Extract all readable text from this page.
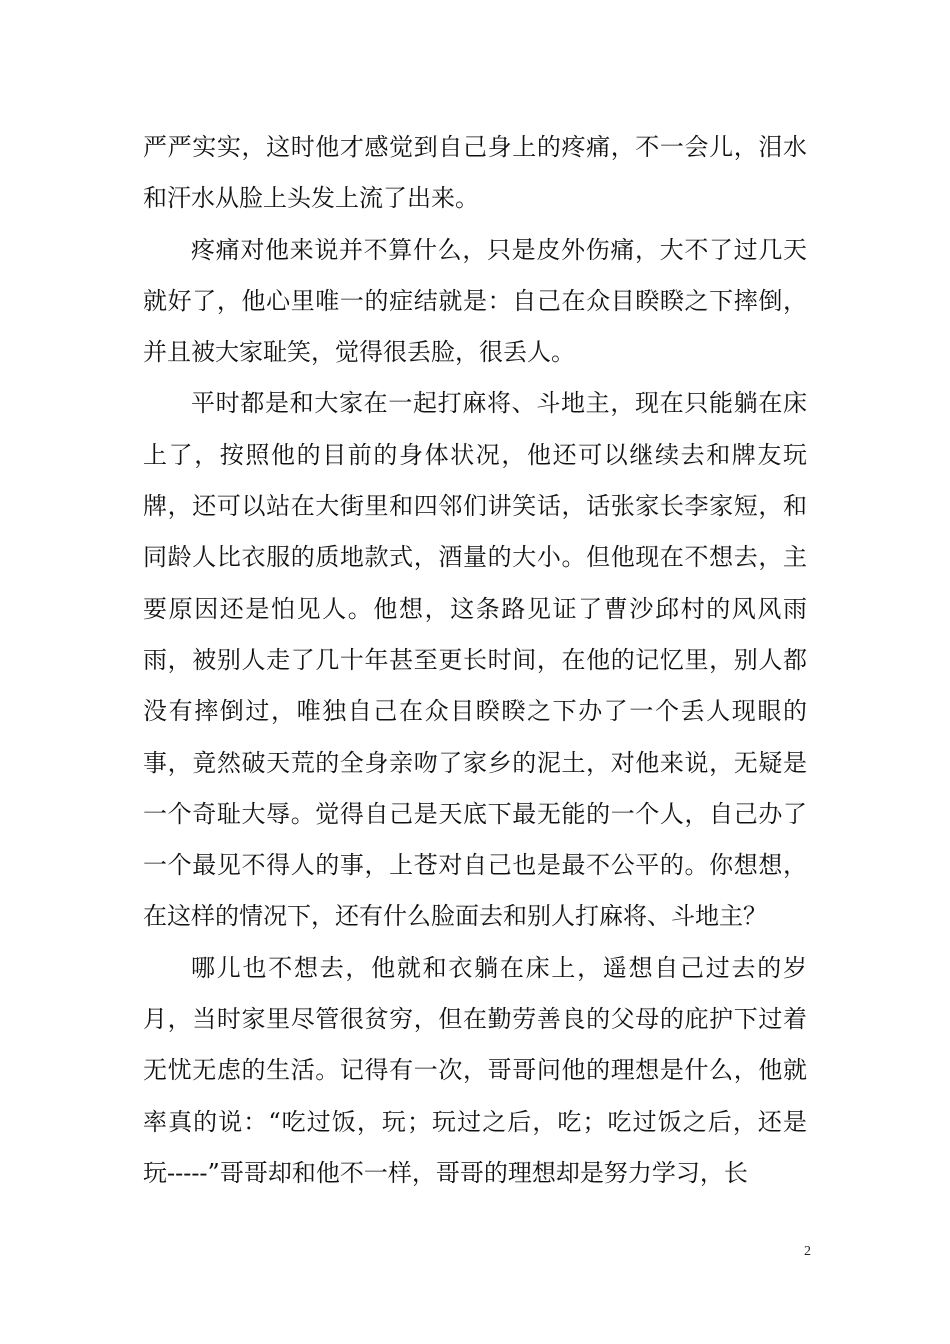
严严实实，这时他才感觉到自己身上的疼痛，不一会儿，泪水和汗水从脸上头发上流了出来。

疼痛对他来说并不算什么，只是皮外伤痛，大不了过几天就好了，他心里唯一的症结就是：自己在众目睽睽之下摔倒，并且被大家耻笑，觉得很丢脸，很丢人。

平时都是和大家在一起打麻将、斗地主，现在只能躺在床上了，按照他的目前的身体状况，他还可以继续去和牌友玩牌，还可以站在大街里和四邻们讲笑话，话张家长李家短，和同龄人比衣服的质地款式，酒量的大小。但他现在不想去，主要原因还是怕见人。他想，这条路见证了曹沙邱村的风风雨雨，被别人走了几十年甚至更长时间，在他的记忆里，别人都没有摔倒过，唯独自己在众目睽睽之下办了一个丢人现眼的事，竟然破天荒的全身亲吻了家乡的泥土，对他来说，无疑是一个奇耻大辱。觉得自己是天底下最无能的一个人，自己办了一个最见不得人的事，上苍对自己也是最不公平的。你想想，在这样的情况下，还有什么脸面去和别人打麻将、斗地主？

哪儿也不想去，他就和衣躺在床上，遥想自己过去的岁月，当时家里尽管很贫穷，但在勤劳善良的父母的庇护下过着无忧无虑的生活。记得有一次，哥哥问他的理想是什么，他就率真的说：“吃过饭，玩；玩过之后，吃；吃过饭之后，还是玩-----”哥哥却和他不一样，哥哥的理想却是努力学习，长

2
